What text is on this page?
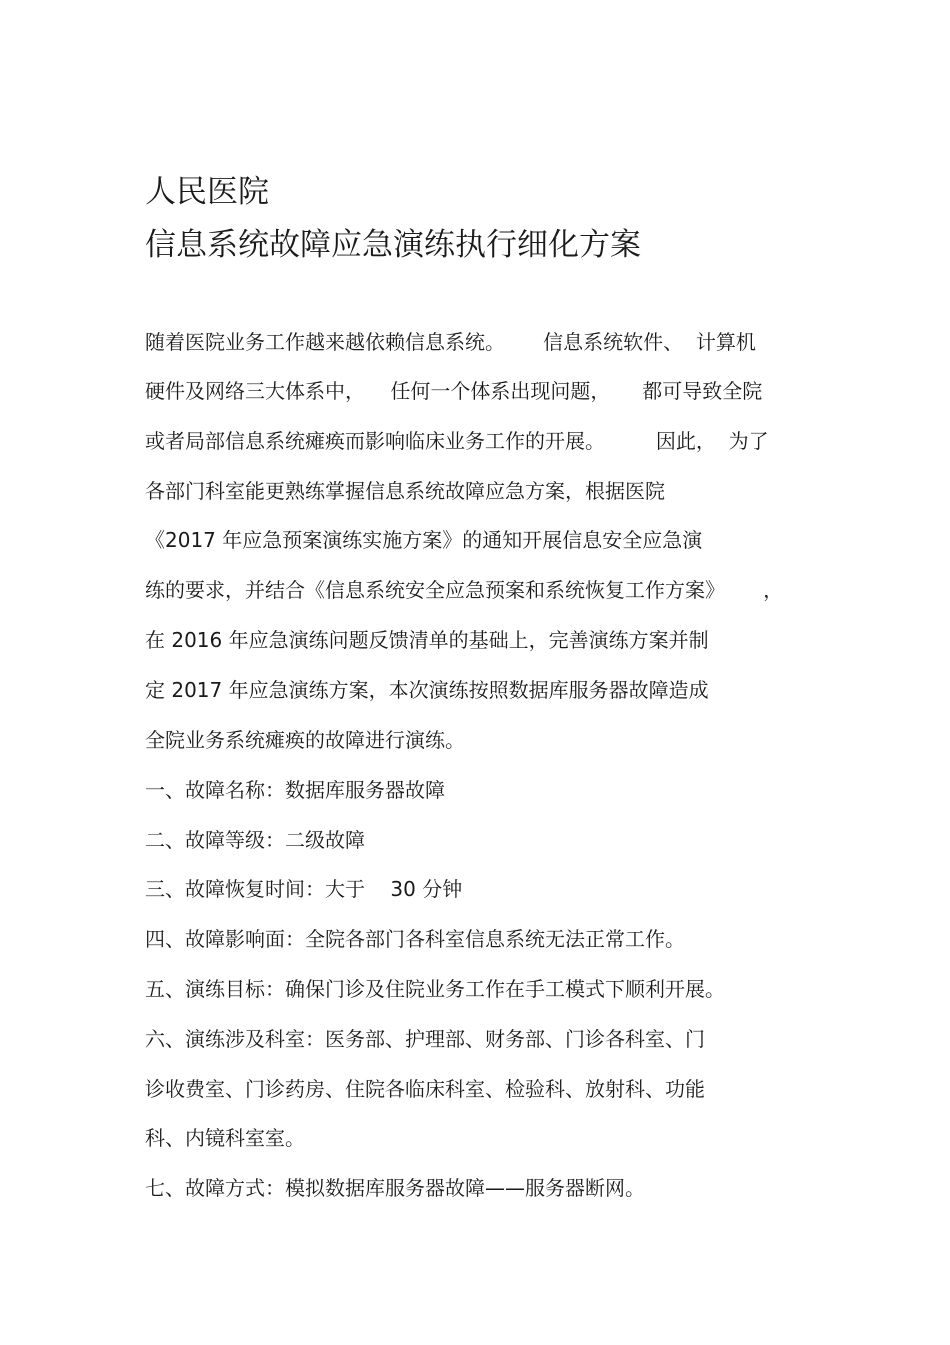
人民医院
信息系统故障应急演练执行细化方案
随着医院业务工作越来越依赖信息系统。      信息系统软件、  计算机
硬件及网络三大体系中，    任何一个体系出现问题，     都可导致全院
或者局部信息系统瘫痪而影响临床业务工作的开展。        因此，  为了
各部门科室能更熟练掌握信息系统故障应急方案，根据医院
《2017 年应急预案演练实施方案》的通知开展信息安全应急演
练的要求，并结合《信息系统安全应急预案和系统恢复工作方案》      ，
在 2016 年应急演练问题反馈清单的基础上，完善演练方案并制
定 2017 年应急演练方案，本次演练按照数据库服务器故障造成
全院业务系统瘫痪的故障进行演练。
一、故障名称：数据库服务器故障
二、故障等级：二级故障
三、故障恢复时间：大于    30 分钟
四、故障影响面：全院各部门各科室信息系统无法正常工作。
五、演练目标：确保门诊及住院业务工作在手工模式下顺利开展。
六、演练涉及科室：医务部、护理部、财务部、门诊各科室、门
诊收费室、门诊药房、住院各临床科室、检验科、放射科、功能
科、内镜科室室。
七、故障方式：模拟数据库服务器故障——服务器断网。
